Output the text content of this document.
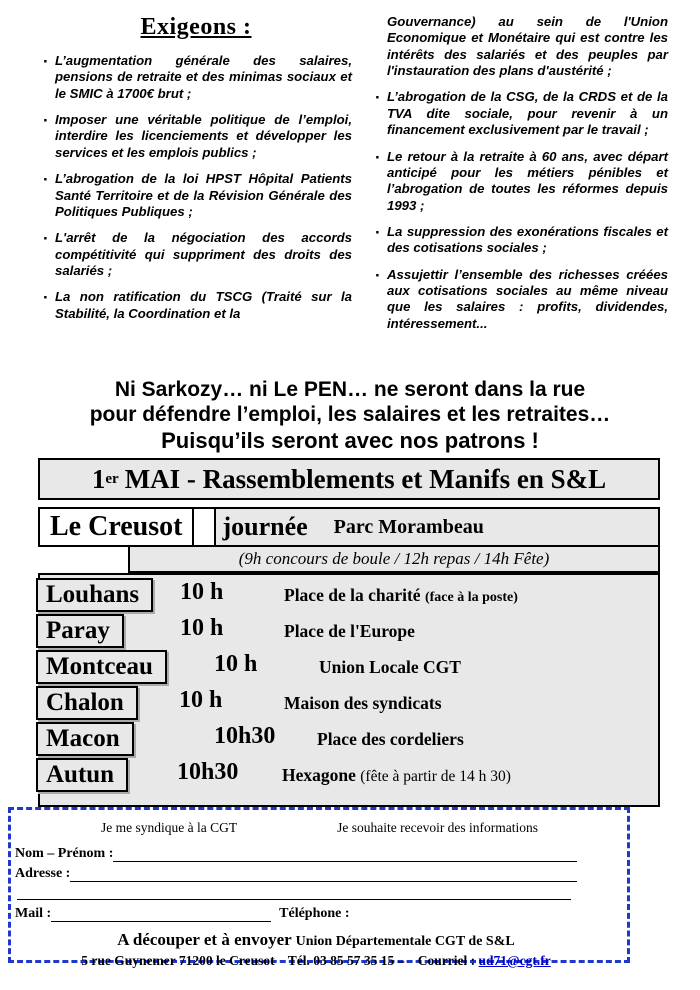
Exigeons :
· L’augmentation générale des salaires, pensions de retraite et des minimas sociaux et le SMIC à 1700€ brut ;
· Imposer une véritable politique de l’emploi, interdire les licenciements et développer les services et les emplois publics ;
· L’abrogation de la loi HPST Hôpital Patients Santé Territoire et de la Révision Générale des Politiques Publiques ;
· L'arrêt de la négociation des accords compétitivité qui suppriment des droits des salariés ;
· La non ratification du TSCG (Traité sur la Stabilité, la Coordination et la
Gouvernance) au sein de l'Union Economique et Monétaire qui est contre les intérêts des salariés et des peuples par l'instauration des plans d'austérité ;
· L’abrogation de la CSG, de la CRDS et de la TVA dite sociale, pour revenir à un financement exclusivement par le travail ;
· Le retour à la retraite à 60 ans, avec départ anticipé pour les métiers pénibles et l’abrogation de toutes les réformes depuis 1993 ;
· La suppression des exonérations fiscales et des cotisations sociales ;
· Assujettir l’ensemble des richesses créées aux cotisations sociales au même niveau que les salaires : profits, dividendes, intéressement...
Ni Sarkozy… ni Le PEN… ne seront dans la rue
pour défendre l’emploi, les salaires et les retraites…
Puisqu’ils seront avec nos patrons !
1 er MAI - Rassemblements et Manifs en S&L
Le Creusot	journée Parc Morambeau
(9h concours de boule / 12h repas / 14h Fête)
Louhans	10 h	Place de la charité (face à la poste)
Paray	10 h	Place de l'Europe
Montceau	10 h	Union Locale CGT
Chalon	10 h	Maison des syndicats
Macon	10h30 Place des cordeliers
Autun	10h30 Hexagone (fête à partir de 14 h 30)
Je me syndique à la CGT	Je souhaite recevoir des informations
Nom – Prénom :
Adresse :
Mail :	Téléphone :
A découper et à envoyer Union Départementale CGT de S&L
5 rue Guynemer 71200 le Creusot Tél. 03 85 57 35 15 – Courriel : ud71@cgt.fr
